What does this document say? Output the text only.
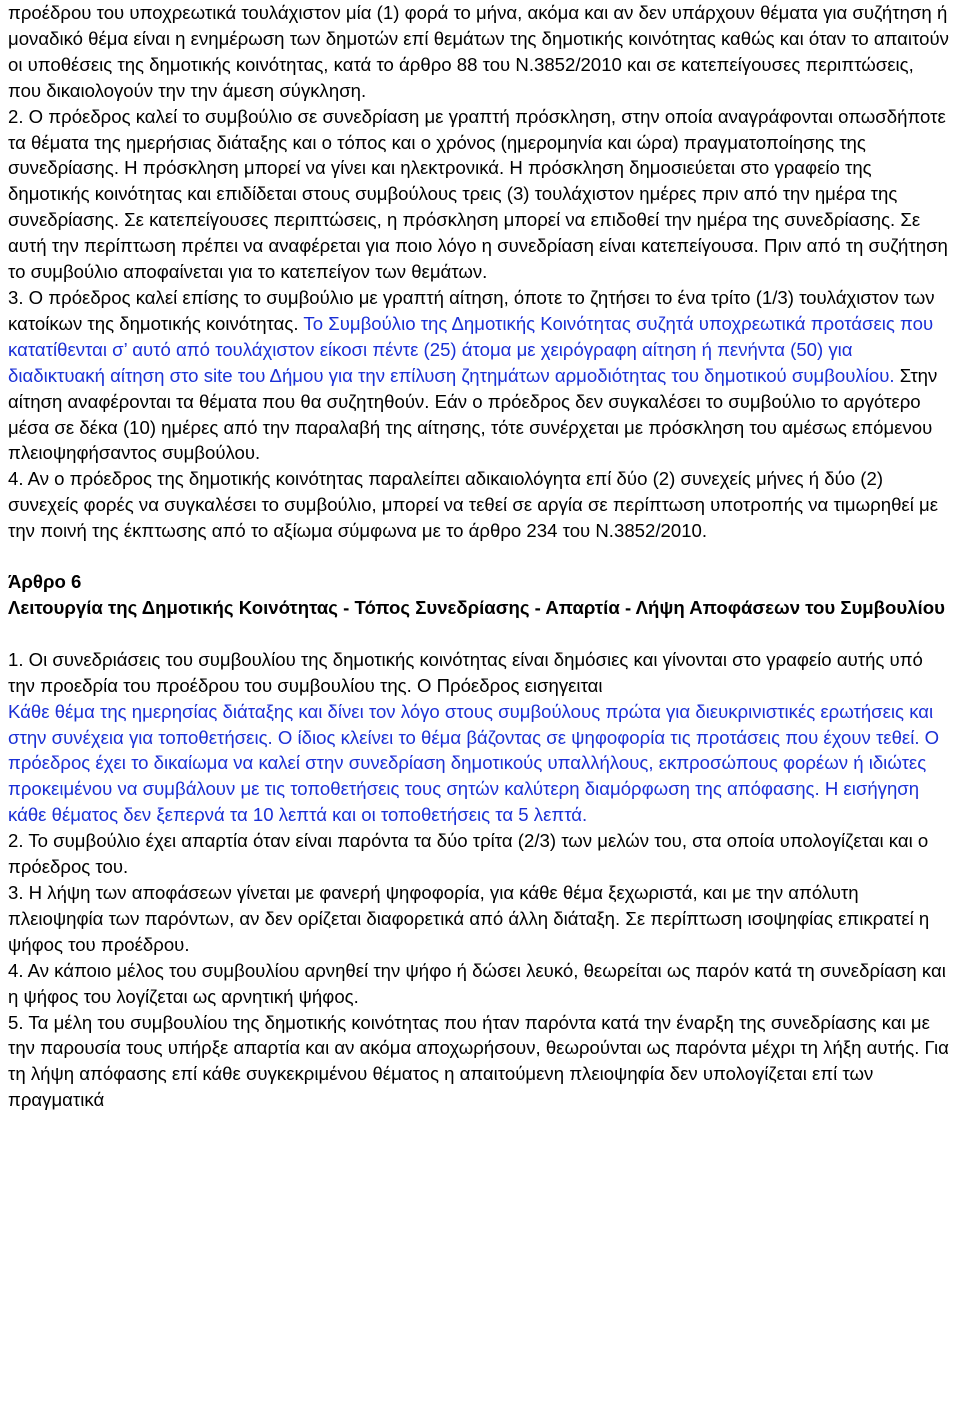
προέδρου του υποχρεωτικά τουλάχιστον μία (1) φορά το μήνα, ακόμα και αν δεν υπάρχουν θέματα για συζήτηση ή μοναδικό θέμα είναι η ενημέρωση των δημοτών επί θεμάτων της δημοτικής κοινότητας καθώς και όταν το απαιτούν οι υποθέσεις της δημοτικής κοινότητας, κατά το άρθρο 88 του Ν.3852/2010 και σε κατεπείγουσες περιπτώσεις, που δικαιολογούν την την άμεση σύγκληση.

2. Ο πρόεδρος καλεί το συμβούλιο σε συνεδρίαση με γραπτή πρόσκληση, στην οποία αναγράφονται οπωσδήποτε τα θέματα της ημερήσιας διάταξης και ο τόπος και ο χρόνος (ημερομηνία και ώρα) πραγματοποίησης της συνεδρίασης. Η πρόσκληση μπορεί να γίνει και ηλεκτρονικά. Η πρόσκληση δημοσιεύεται στο γραφείο της δημοτικής κοινότητας και επιδίδεται στους συμβούλους τρεις (3) τουλάχιστον ημέρες πριν από την ημέρα της συνεδρίασης. Σε κατεπείγουσες περιπτώσεις, η πρόσκληση μπορεί να επιδοθεί την ημέρα της συνεδρίασης. Σε αυτή την περίπτωση πρέπει να αναφέρεται για ποιο λόγο η συνεδρίαση είναι κατεπείγουσα. Πριν από τη συζήτηση το συμβούλιο αποφαίνεται για το κατεπείγον των θεμάτων.

3. Ο πρόεδρος καλεί επίσης το συμβούλιο με γραπτή αίτηση, όποτε το ζητήσει το ένα τρίτο (1/3) τουλάχιστον των κατοίκων της δημοτικής κοινότητας. Το Συμβούλιο της Δημοτικής Κοινότητας συζητά υποχρεωτικά προτάσεις που κατατίθενται σ’ αυτό από τουλάχιστον είκοσι πέντε (25) άτομα με χειρόγραφη αίτηση ή πενήντα (50) για διαδικτυακή αίτηση στο site του Δήμου για την επίλυση ζητημάτων αρμοδιότητας του δημοτικού συμβουλίου. Στην αίτηση αναφέρονται τα θέματα που θα συζητηθούν. Εάν ο πρόεδρος δεν συγκαλέσει το συμβούλιο το αργότερο μέσα σε δέκα (10) ημέρες από την παραλαβή της αίτησης, τότε συνέρχεται με πρόσκληση του αμέσως επόμενου πλειοψηφήσαντος συμβούλου.

4. Αν ο πρόεδρος της δημοτικής κοινότητας παραλείπει αδικαιολόγητα επί δύο (2) συνεχείς μήνες ή δύο (2) συνεχείς φορές να συγκαλέσει το συμβούλιο, μπορεί να τεθεί σε αργία σε περίπτωση υποτροπής να τιμωρηθεί με την ποινή της έκπτωσης από το αξίωμα σύμφωνα με το άρθρο 234 του Ν.3852/2010.

Άρθρο 6

Λειτουργία της Δημοτικής Κοινότητας - Τόπος Συνεδρίασης - Απαρτία - Λήψη Αποφάσεων του Συμβουλίου

1. Οι συνεδριάσεις του συμβουλίου της δημοτικής κοινότητας είναι δημόσιες και γίνονται στο γραφείο αυτής υπό την προεδρία του προέδρου του συμβουλίου της. Ο Πρόεδρος εισηγειται

Κάθε θέμα της ημερησίας διάταξης και δίνει τον λόγο στους συμβούλους πρώτα για διευκρινιστικές ερωτήσεις και στην συνέχεια για τοποθετήσεις. Ο ίδιος κλείνει το θέμα βάζοντας σε ψηφοφορία τις προτάσεις που έχουν τεθεί. Ο πρόεδρος έχει το δικαίωμα να καλεί στην συνεδρίαση δημοτικούς υπαλλήλους, εκπροσώπους φορέων ή ιδιώτες προκειμένου να συμβάλουν με τις τοποθετήσεις τους σητών καλύτερη διαμόρφωση της απόφασης. Η εισήγηση κάθε θέματος δεν ξεπερνά τα 10 λεπτά και οι τοποθετήσεις τα 5 λεπτά.

2. Το συμβούλιο έχει απαρτία όταν είναι παρόντα τα δύο τρίτα (2/3) των μελών του, στα οποία υπολογίζεται και ο πρόεδρος του.

3. Η λήψη των αποφάσεων γίνεται με φανερή ψηφοφορία, για κάθε θέμα ξεχωριστά, και με την απόλυτη πλειοψηφία των παρόντων, αν δεν ορίζεται διαφορετικά από άλλη διάταξη. Σε περίπτωση ισοψηφίας επικρατεί η ψήφος του προέδρου.

4. Αν κάποιο μέλος του συμβουλίου αρνηθεί την ψήφο ή δώσει λευκό, θεωρείται ως παρόν κατά τη συνεδρίαση και η ψήφος του λογίζεται ως αρνητική ψήφος.

5. Τα μέλη του συμβουλίου της δημοτικής κοινότητας που ήταν παρόντα κατά την έναρξη της συνεδρίασης και με την παρουσία τους υπήρξε απαρτία και αν ακόμα αποχωρήσουν, θεωρούνται ως παρόντα μέχρι τη λήξη αυτής. Για τη λήψη απόφασης επί κάθε συγκεκριμένου θέματος η απαιτούμενη πλειοψηφία δεν υπολογίζεται επί των πραγματικά
